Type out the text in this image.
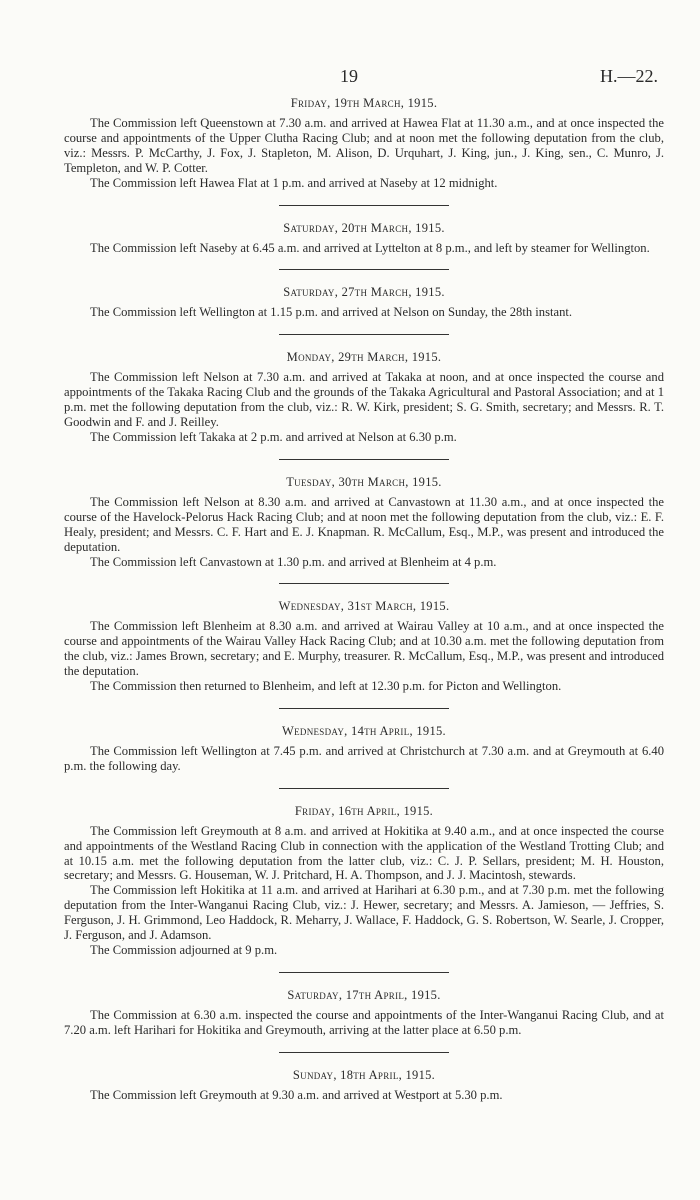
19	H.—22.
Friday, 19th March, 1915.

The Commission left Queenstown at 7.30 a.m. and arrived at Hawea Flat at 11.30 a.m., and at once inspected the course and appointments of the Upper Clutha Racing Club; and at noon met the following deputation from the club, viz.: Messrs. P. McCarthy, J. Fox, J. Stapleton, M. Alison, D. Urquhart, J. King, jun., J. King, sen., C. Munro, J. Templeton, and W. P. Cotter.

The Commission left Hawea Flat at 1 p.m. and arrived at Naseby at 12 midnight.

Saturday, 20th March, 1915.

The Commission left Naseby at 6.45 a.m. and arrived at Lyttelton at 8 p.m., and left by steamer for Wellington.

Saturday, 27th March, 1915.

The Commission left Wellington at 1.15 p.m. and arrived at Nelson on Sunday, the 28th instant.

Monday, 29th March, 1915.

The Commission left Nelson at 7.30 a.m. and arrived at Takaka at noon, and at once inspected the course and appointments of the Takaka Racing Club and the grounds of the Takaka Agricultural and Pastoral Association; and at 1 p.m. met the following deputation from the club, viz.: R. W. Kirk, president; S. G. Smith, secretary; and Messrs. R. T. Goodwin and F. and J. Reilley.

The Commission left Takaka at 2 p.m. and arrived at Nelson at 6.30 p.m.

Tuesday, 30th March, 1915.

The Commission left Nelson at 8.30 a.m. and arrived at Canvastown at 11.30 a.m., and at once inspected the course of the Havelock-Pelorus Hack Racing Club; and at noon met the following deputation from the club, viz.: E. F. Healy, president; and Messrs. C. F. Hart and E. J. Knapman. R. McCallum, Esq., M.P., was present and introduced the deputation.

The Commission left Canvastown at 1.30 p.m. and arrived at Blenheim at 4 p.m.

Wednesday, 31st March, 1915.

The Commission left Blenheim at 8.30 a.m. and arrived at Wairau Valley at 10 a.m., and at once inspected the course and appointments of the Wairau Valley Hack Racing Club; and at 10.30 a.m. met the following deputation from the club, viz.: James Brown, secretary; and E. Murphy, treasurer. R. McCallum, Esq., M.P., was present and introduced the deputation.

The Commission then returned to Blenheim, and left at 12.30 p.m. for Picton and Wellington.

Wednesday, 14th April, 1915.

The Commission left Wellington at 7.45 p.m. and arrived at Christchurch at 7.30 a.m. and at Greymouth at 6.40 p.m. the following day.

Friday, 16th April, 1915.

The Commission left Greymouth at 8 a.m. and arrived at Hokitika at 9.40 a.m., and at once inspected the course and appointments of the Westland Racing Club in connection with the application of the Westland Trotting Club; and at 10.15 a.m. met the following deputation from the latter club, viz.: C. J. P. Sellars, president; M. H. Houston, secretary; and Messrs. G. Houseman, W. J. Pritchard, H. A. Thompson, and J. J. Macintosh, stewards.

The Commission left Hokitika at 11 a.m. and arrived at Harihari at 6.30 p.m., and at 7.30 p.m. met the following deputation from the Inter-Wanganui Racing Club, viz.: J. Hewer, secretary; and Messrs. A. Jamieson, — Jeffries, S. Ferguson, J. H. Grimmond, Leo Haddock, R. Meharry, J. Wallace, F. Haddock, G. S. Robertson, W. Searle, J. Cropper, J. Ferguson, and J. Adamson.

The Commission adjourned at 9 p.m.

Saturday, 17th April, 1915.

The Commission at 6.30 a.m. inspected the course and appointments of the Inter-Wanganui Racing Club, and at 7.20 a.m. left Harihari for Hokitika and Greymouth, arriving at the latter place at 6.50 p.m.

Sunday, 18th April, 1915.

The Commission left Greymouth at 9.30 a.m. and arrived at Westport at 5.30 p.m.
